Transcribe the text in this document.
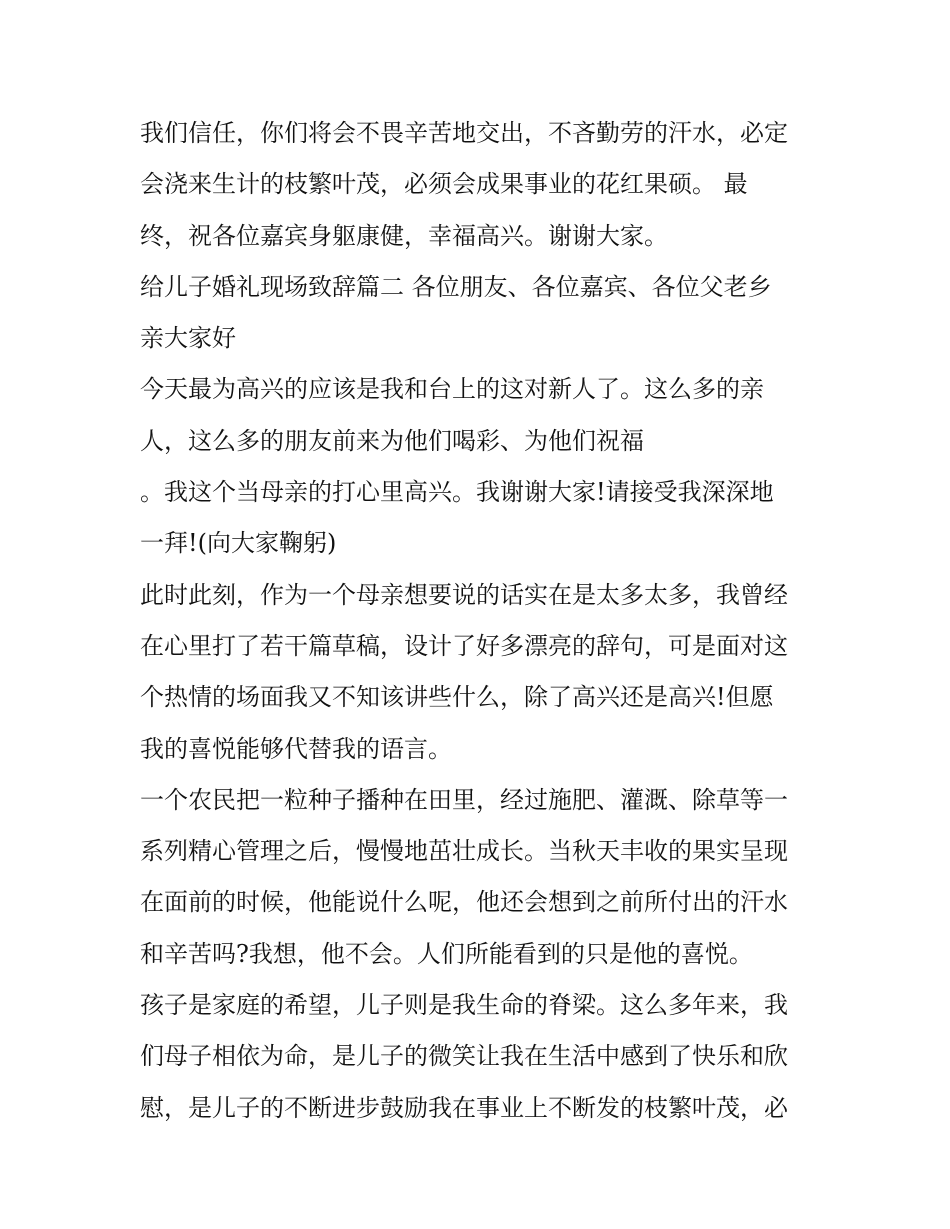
我们信任，你们将会不畏辛苦地交出，不吝勤劳的汗水，必定
会浇来生计的枝繁叶茂，必须会成果事业的花红果硕。 最
终，祝各位嘉宾身躯康健，幸福高兴。谢谢大家。
给儿子婚礼现场致辞篇二 各位朋友、各位嘉宾、各位父老乡
亲大家好
今天最为高兴的应该是我和台上的这对新人了。这么多的亲
人，这么多的朋友前来为他们喝彩、为他们祝福
。我这个当母亲的打心里高兴。我谢谢大家!请接受我深深地
一拜!(向大家鞠躬)
此时此刻，作为一个母亲想要说的话实在是太多太多，我曾经
在心里打了若干篇草稿，设计了好多漂亮的辞句，可是面对这
个热情的场面我又不知该讲些什么，除了高兴还是高兴!但愿
我的喜悦能够代替我的语言。
一个农民把一粒种子播种在田里，经过施肥、灌溉、除草等一
系列精心管理之后，慢慢地茁壮成长。当秋天丰收的果实呈现
在面前的时候，他能说什么呢，他还会想到之前所付出的汗水
和辛苦吗?我想，他不会。人们所能看到的只是他的喜悦。
孩子是家庭的希望，儿子则是我生命的脊梁。这么多年来，我
们母子相依为命，是儿子的微笑让我在生活中感到了快乐和欣
慰，是儿子的不断进步鼓励我在事业上不断发的枝繁叶茂，必
